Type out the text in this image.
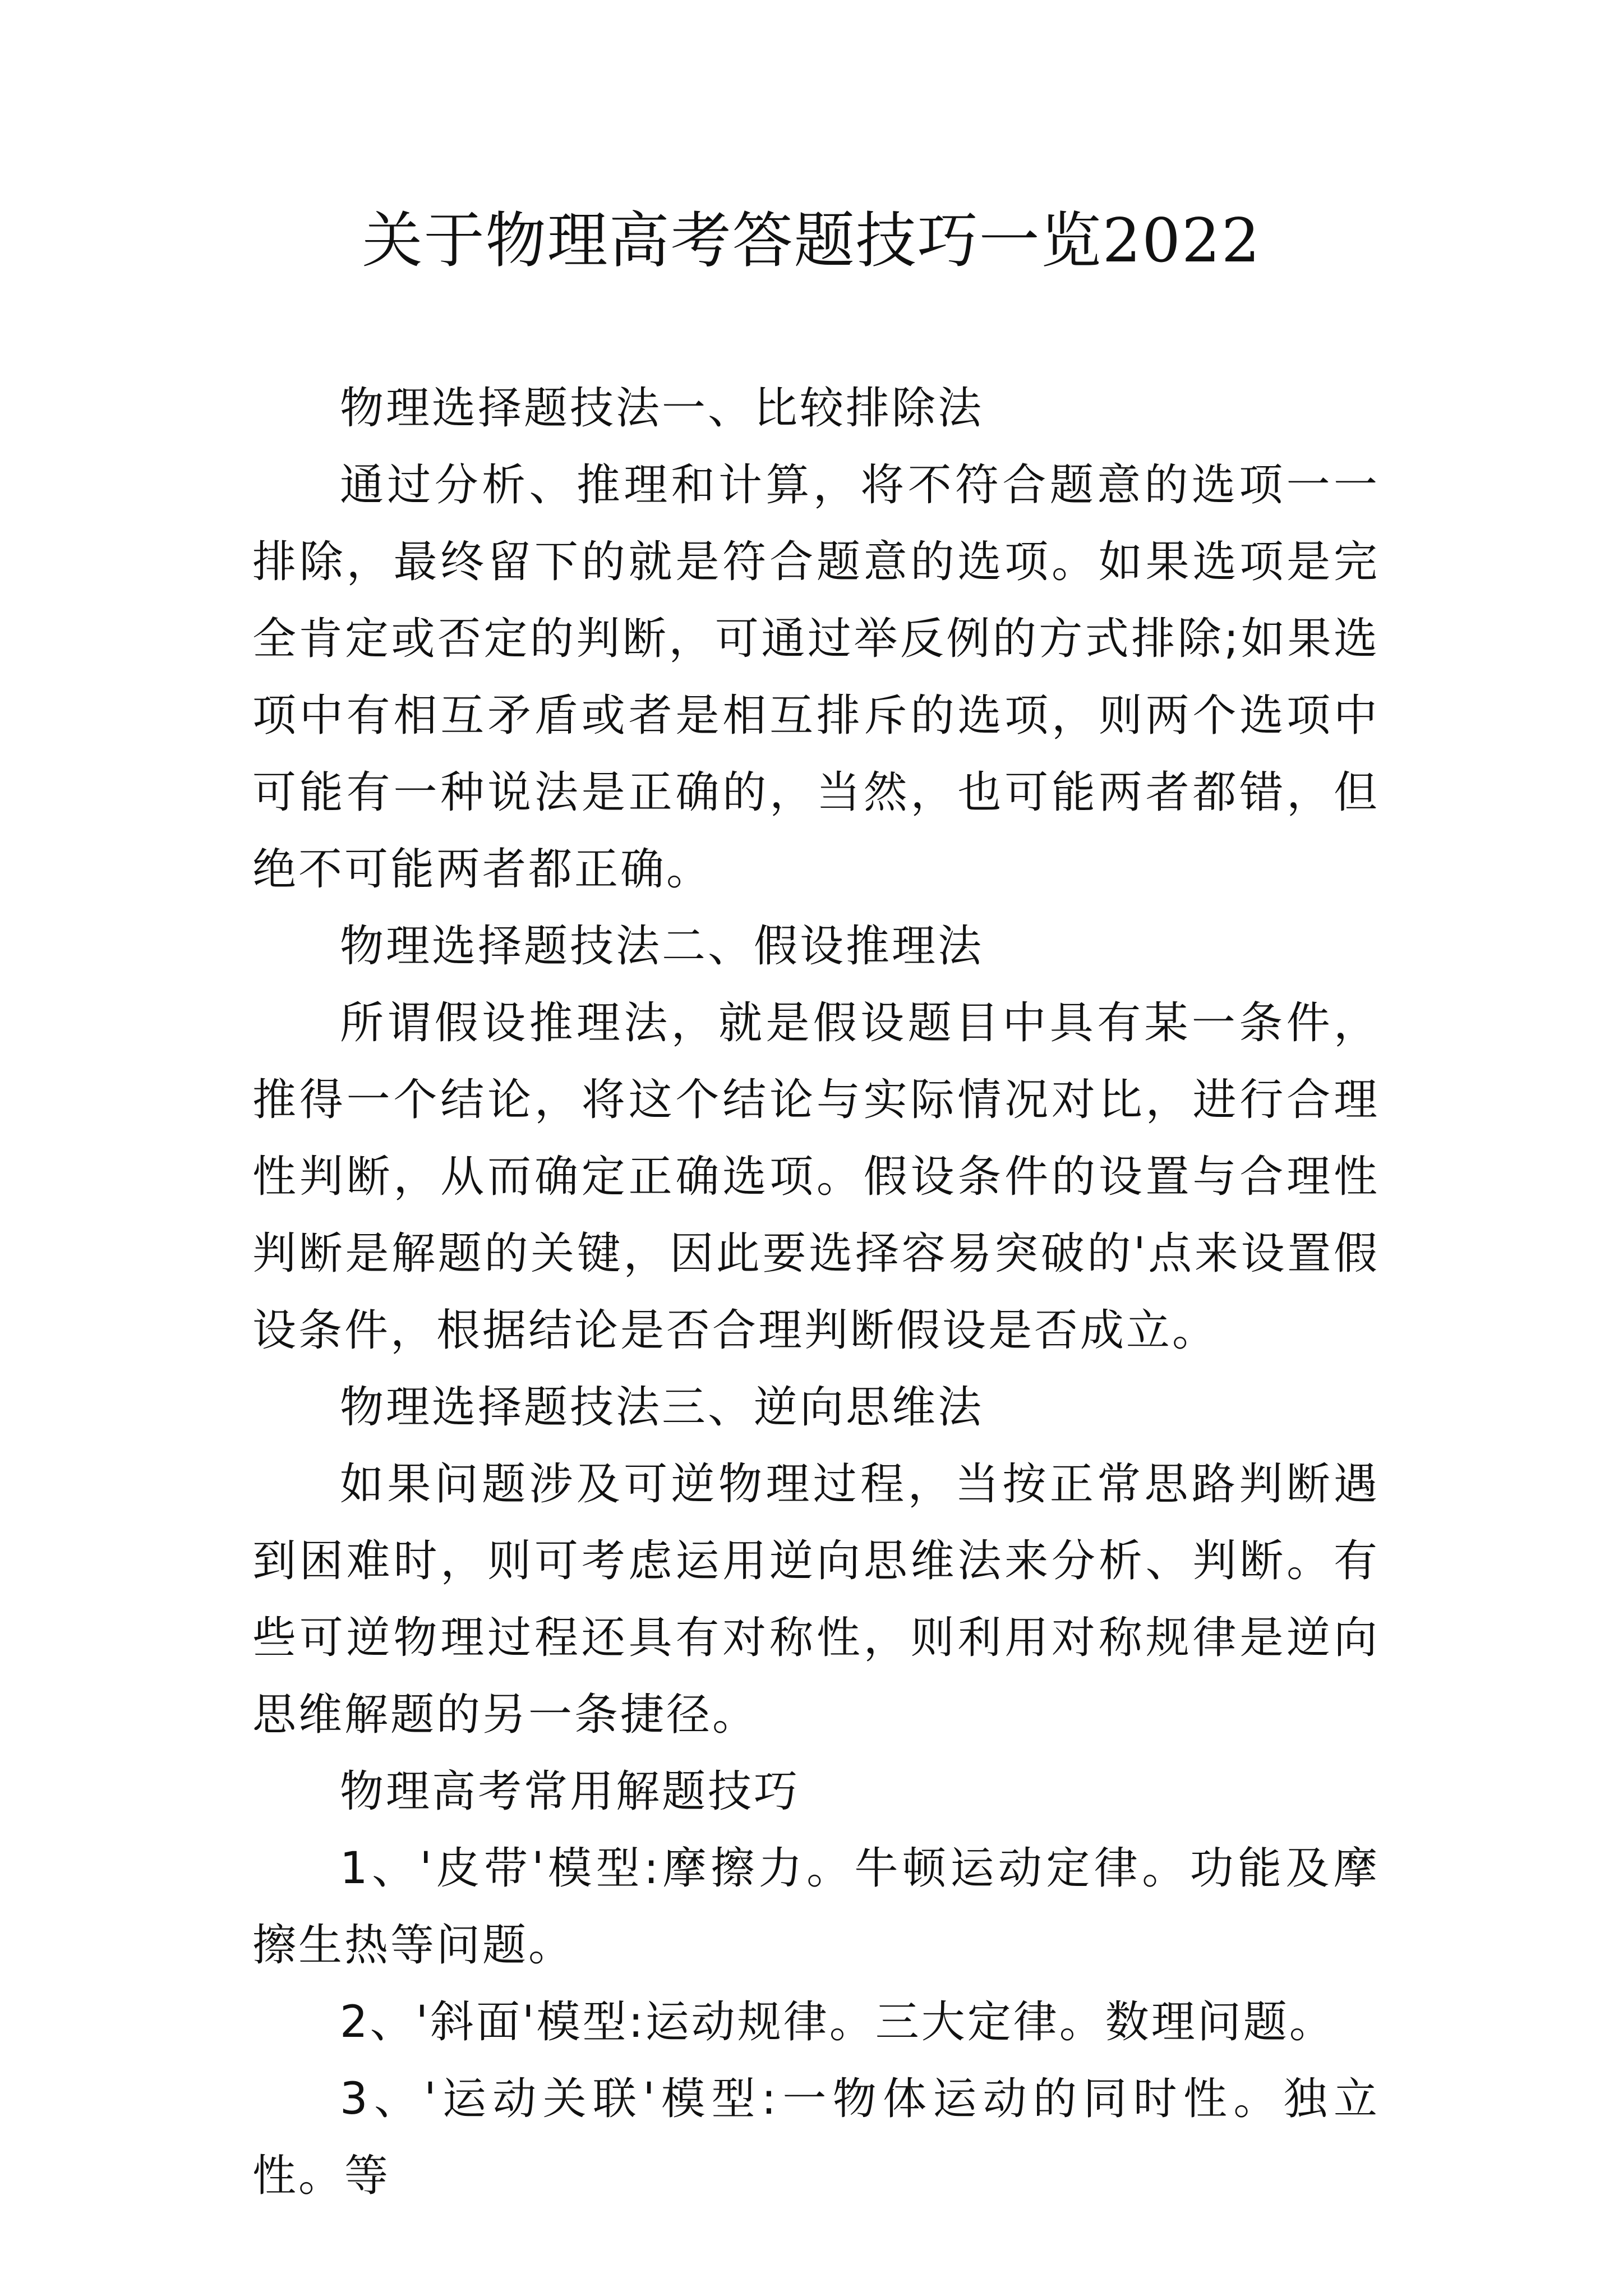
关于物理高考答题技巧一览2022

物理选择题技法一、比较排除法

通过分析、推理和计算，将不符合题意的选项一一排除，最终留下的就是符合题意的选项。如果选项是完全肯定或否定的判断，可通过举反例的方式排除;如果选项中有相互矛盾或者是相互排斥的选项，则两个选项中可能有一种说法是正确的，当然，也可能两者都错，但绝不可能两者都正确。

物理选择题技法二、假设推理法

所谓假设推理法，就是假设题目中具有某一条件，推得一个结论，将这个结论与实际情况对比，进行合理性判断，从而确定正确选项。假设条件的设置与合理性判断是解题的关键，因此要选择容易突破的'点来设置假设条件，根据结论是否合理判断假设是否成立。

物理选择题技法三、逆向思维法

如果问题涉及可逆物理过程，当按正常思路判断遇到困难时，则可考虑运用逆向思维法来分析、判断。有些可逆物理过程还具有对称性，则利用对称规律是逆向思维解题的另一条捷径。

物理高考常用解题技巧

1、'皮带'模型:摩擦力。牛顿运动定律。功能及摩擦生热等问题。

2、'斜面'模型:运动规律。三大定律。数理问题。

3、'运动关联'模型:一物体运动的同时性。独立性。等
